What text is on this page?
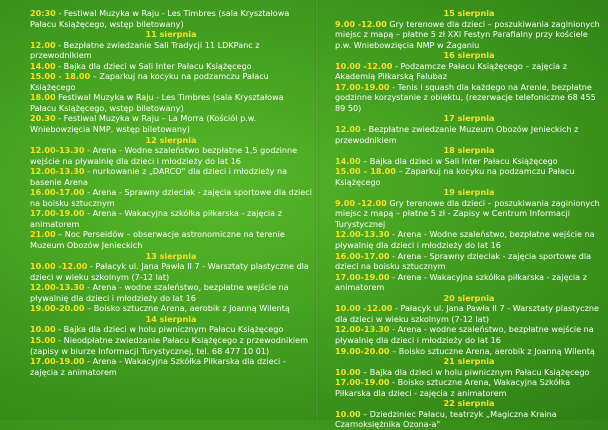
20:30 - Festiwal Muzyka w Raju - Les Timbres (sala Kryształowa Pałacu Książęcego, wstęp biletowany)
11 sierpnia
12.00 - Bezpłatne zwiedzanie Sali Tradycji 11 LDKPanc z przewodnikiem
14.00 - Bajka dla dzieci w Sali Inter Pałacu Książęcego
15.00 - 18.00 – Zaparkuj na kocyku na podzamczu Pałacu Książęcego
18.00 Festiwal Muzyka w Raju - Les Timbres (sala Kryształowa Pałacu Książęcego, wstęp biletowany)
20.30 - Festiwal Muzyka w Raju – La Morra (Kościół p.w. Wniebowzięcia NMP, wstęp biletowany)
12 sierpnia
12.00-13.30 - Arena - Wodne szaleństwo bezpłatne 1,5 godzinne wejście na pływalnię dla dzieci i młodzieży do lat 16
12.00-13.30 - nurkowanie z „DARCO" dla dzieci i młodzieży na basenie Arena
16.00-17.00 - Arena - Sprawny dzieciak - zajęcia sportowe dla dzieci na boisku sztucznym
17.00-19.00 - Arena - Wakacyjna szkółka piłkarska - zajęcia z animatorem
21.00 – Noc Perseidów – obserwacje astronomiczne na terenie Muzeum Obozów Jenieckich
13 sierpnia
10.00 -12.00 - Pałacyk ul. Jana Pawła II 7 - Warsztaty plastyczne dla dzieci w wieku szkolnym (7-12 lat)
12.00-13.30 - Arena - wodne szaleństwo, bezpłatne wejście na pływalnię dla dzieci i młodzieży do lat 16
19.00-20.00 – Boisko sztuczne Arena, aerobik z Joanną Wilentą
14 sierpnia
10.00 - Bajka dla dzieci w holu piwnicznym Pałacu Książęcego
15.00 - Nieodpłatne zwiedzanie Pałacu Książęcego z przewodnikiem (zapisy w biurze Informacji Turystycznej, tel. 68 477 10 01)
17.00-19.00 - Arena - Wakacyjna Szkółka Piłkarska dla dzieci - zajęcia z animatorem
15 sierpnia
9.00 -12.00 Gry terenowe dla dzieci – poszukiwania zaginionych miejsc z mapą – płatne 5 zł XXI Festyn Parafialny przy kościele p.w. Wniebowzięcia NMP w Żaganiu
16 sierpnia
10.00 -12.00 - Podzamcze Pałacu Książęcego – zajęcia z Akademią Piłkarską Falubaz
17.00-19.00 - Tenis i squash dla każdego na Arenie, bezpłatne godzinne korzystanie z obiektu, (rezerwacje telefoniczne 68 455 89 50)
17 sierpnia
12.00 - Bezpłatne zwiedzanie Muzeum Obozów Jenieckich z przewodnikiem
18 sierpnia
14.00 – Bajka dla dzieci w Sali Inter Pałacu Książęcego
15.00 – 18.00 – Zaparkuj na kocyku na podzamczu Pałacu Książęcego
19 sierpnia
9.00 -12.00 Gry terenowe dla dzieci – poszukiwania zaginionych miejsc z mapą – płatne 5 zł - Zapisy w Centrum Informacji Turystycznej
12.00-13.30 - Arena - Wodne szaleństwo, bezpłatne wejście na pływalnię dla dzieci i młodzieży do lat 16
16.00-17.00 - Arena - Sprawny dzieciak - zajęcia sportowe dla dzieci na boisku sztucznym
17.00-19.00 - Arena - Wakacyjna szkółka piłkarska - zajęcia z animatorem
20 sierpnia
10.00 -12.00 - Pałacyk ul. Jana Pawła II 7 - Warsztaty plastyczne dla dzieci w wieku szkolnym (7-12 lat)
12.00-13.30 - Arena - wodne szaleństwo, bezpłatne wejście na pływalnię dla dzieci i młodzieży do lat 16
19.00-20.00 – Boisko sztuczne Arena, aerobik z Joanną Wilentą
21 sierpnia
10.00 – Bajka dla dzieci w holu piwnicznym Pałacu Książęcego
17.00-19.00 - Boisko sztuczne Arena, Wakacyjna Szkółka Piłkarska dla dzieci - zajęcia z animatorem
22 sierpnia
10.00 – Dziedziniec Pałacu, teatrzyk „Magiczna Kraina Czarnoksiężnika Ozona-a"
